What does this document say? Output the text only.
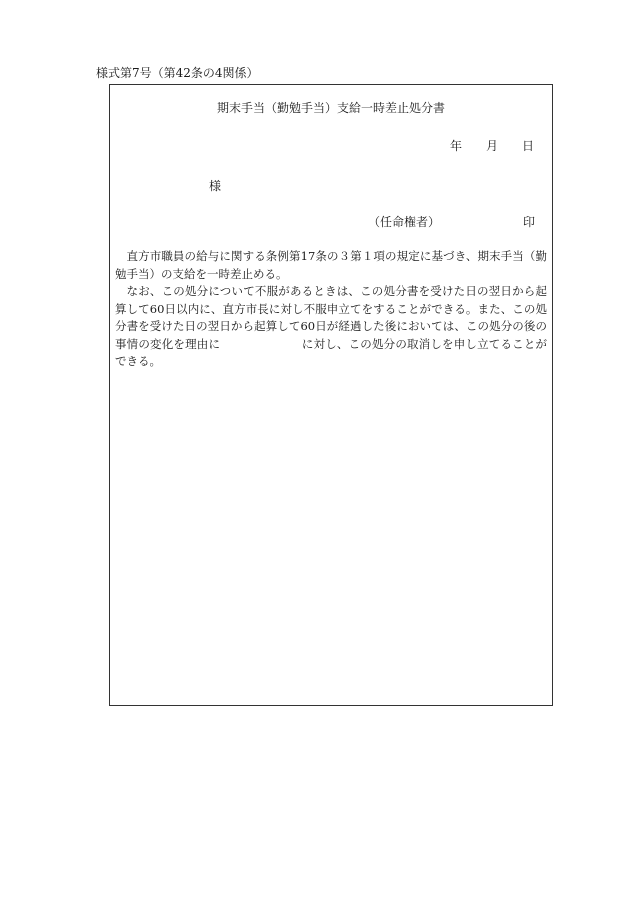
様式第7号（第42条の4関係）
期末手当（勤勉手当）支給一時差止処分書
年 月 日
様
（任命権者）	印

直方市職員の給与に関する条例第17条の３第１項の規定に基づき、期末手当（勤勉手当）の支給を一時差止める。

なお、この処分について不服があるときは、この処分書を受けた日の翌日から起算して60日以内に、直方市長に対し不服申立てをすることができる。また、この処分書を受けた日の翌日から起算して60日が経過した後においては、この処分の後の事情の変化を理由に　　　　　　　に対し、この処分の取消しを申し立てることができる。
